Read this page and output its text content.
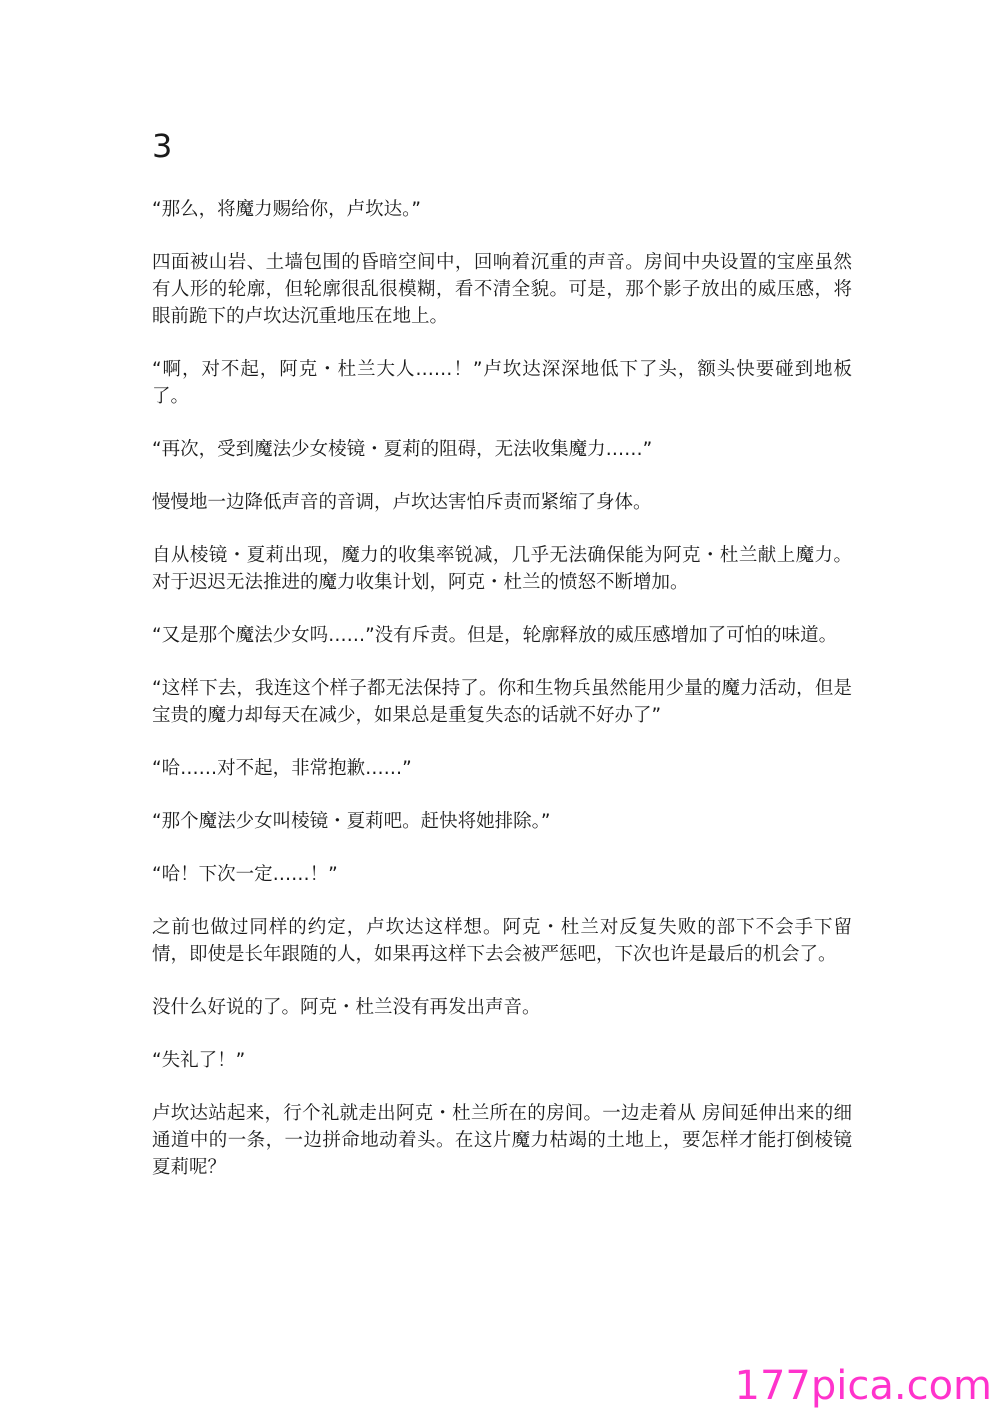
3

“那么，将魔力赐给你，卢坎达。”

四面被山岩、土墙包围的昏暗空间中，回响着沉重的声音。房间中央设置的宝座虽然有人形的轮廓，但轮廓很乱很模糊，看不清全貌。可是，那个影子放出的威压感，将眼前跪下的卢坎达沉重地压在地上。

“啊，对不起，阿克・杜兰大人……！”卢坎达深深地低下了头，额头快要碰到地板了。

“再次，受到魔法少女棱镜・夏莉的阻碍，无法收集魔力……”

慢慢地一边降低声音的音调，卢坎达害怕斥责而紧缩了身体。

自从棱镜・夏莉出现，魔力的收集率锐减，几乎无法确保能为阿克・杜兰献上魔力。对于迟迟无法推进的魔力收集计划，阿克・杜兰的愤怒不断增加。

“又是那个魔法少女吗……”没有斥责。但是，轮廓释放的威压感增加了可怕的味道。

“这样下去，我连这个样子都无法保持了。你和生物兵虽然能用少量的魔力活动，但是宝贵的魔力却每天在减少，如果总是重复失态的话就不好办了”

“哈……对不起，非常抱歉……”

“那个魔法少女叫棱镜・夏莉吧。赶快将她排除。”

“哈！下次一定……！”

之前也做过同样的约定，卢坎达这样想。阿克・杜兰对反复失败的部下不会手下留情，即使是长年跟随的人，如果再这样下去会被严惩吧，下次也许是最后的机会了。

没什么好说的了。阿克・杜兰没有再发出声音。

“失礼了！”

卢坎达站起来，行个礼就走出阿克・杜兰所在的房间。一边走着从 房间延伸出来的细通道中的一条，一边拼命地动着头。在这片魔力枯竭的土地上，要怎样才能打倒棱镜夏莉呢？

177pica.com
